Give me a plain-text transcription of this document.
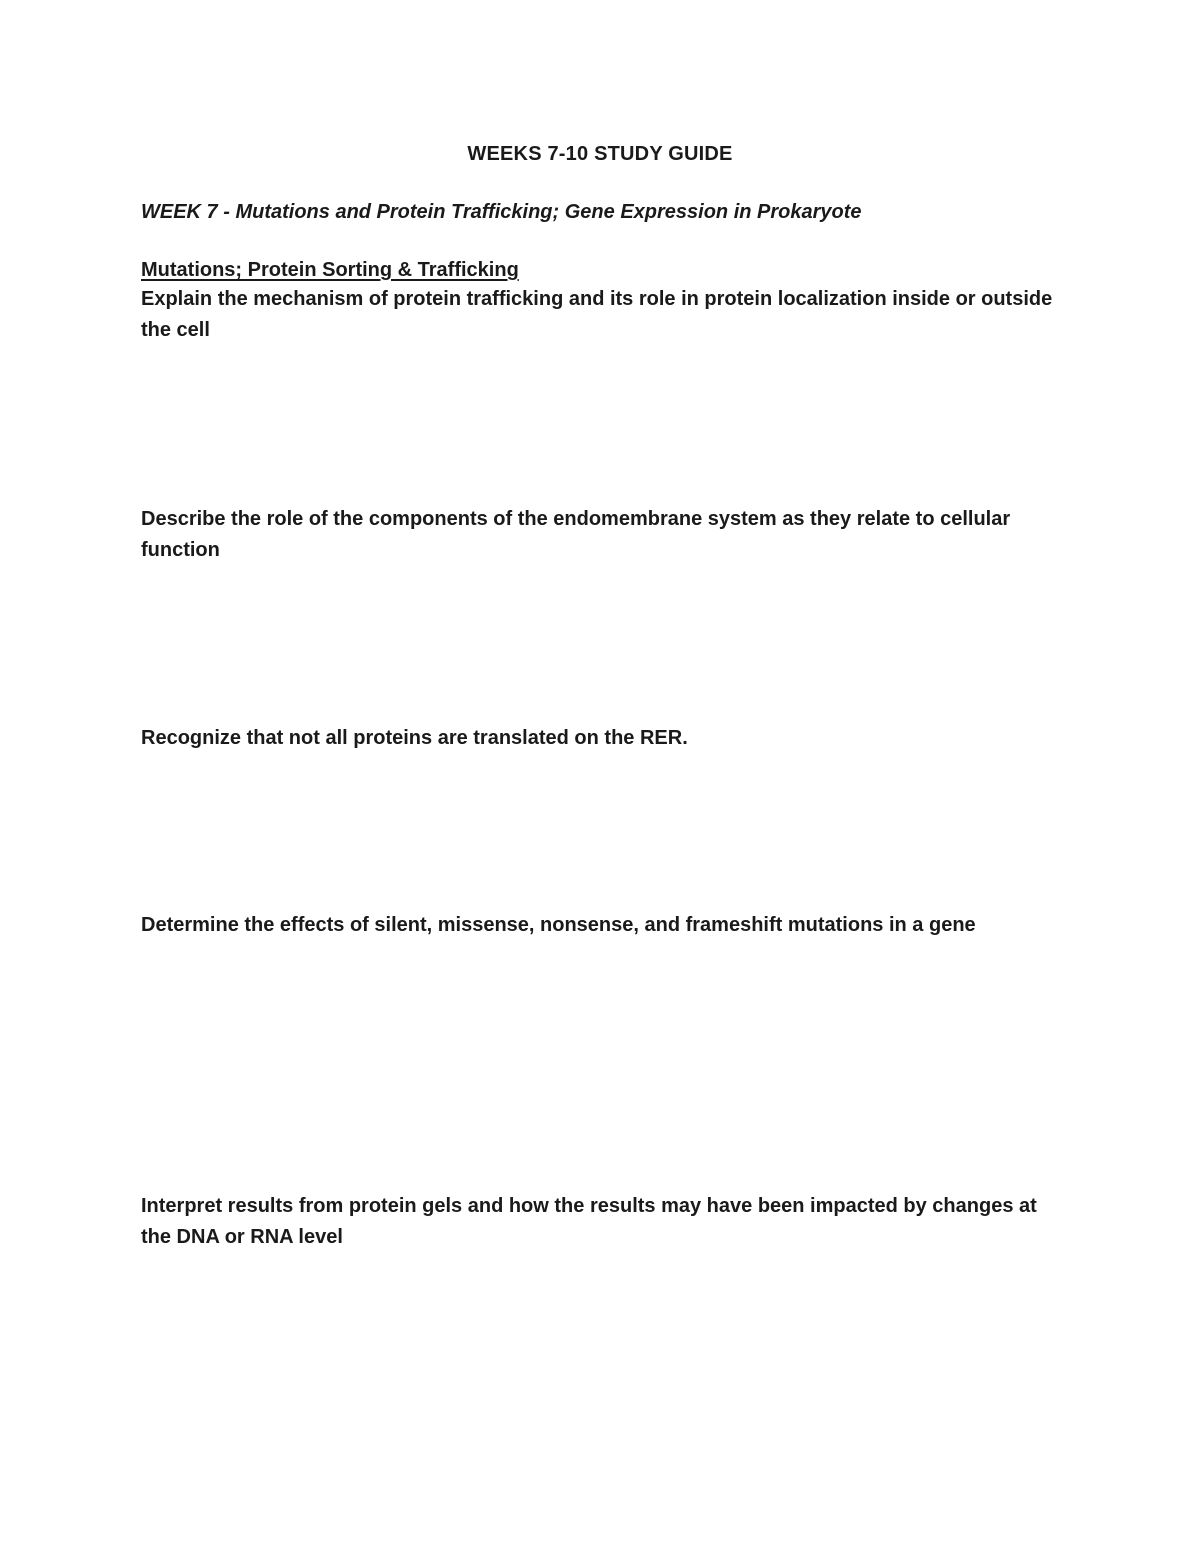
WEEKS 7-10 STUDY GUIDE
WEEK 7 - Mutations and Protein Trafficking; Gene Expression in Prokaryote
Mutations; Protein Sorting & Trafficking

Explain the mechanism of protein trafficking and its role in protein localization inside or outside the cell

Describe the role of the components of the endomembrane system as they relate to cellular function

Recognize that not all proteins are translated on the RER.

Determine the effects of silent, missense, nonsense, and frameshift mutations in a gene

Interpret results from protein gels and how the results may have been impacted by changes at the DNA or RNA level
